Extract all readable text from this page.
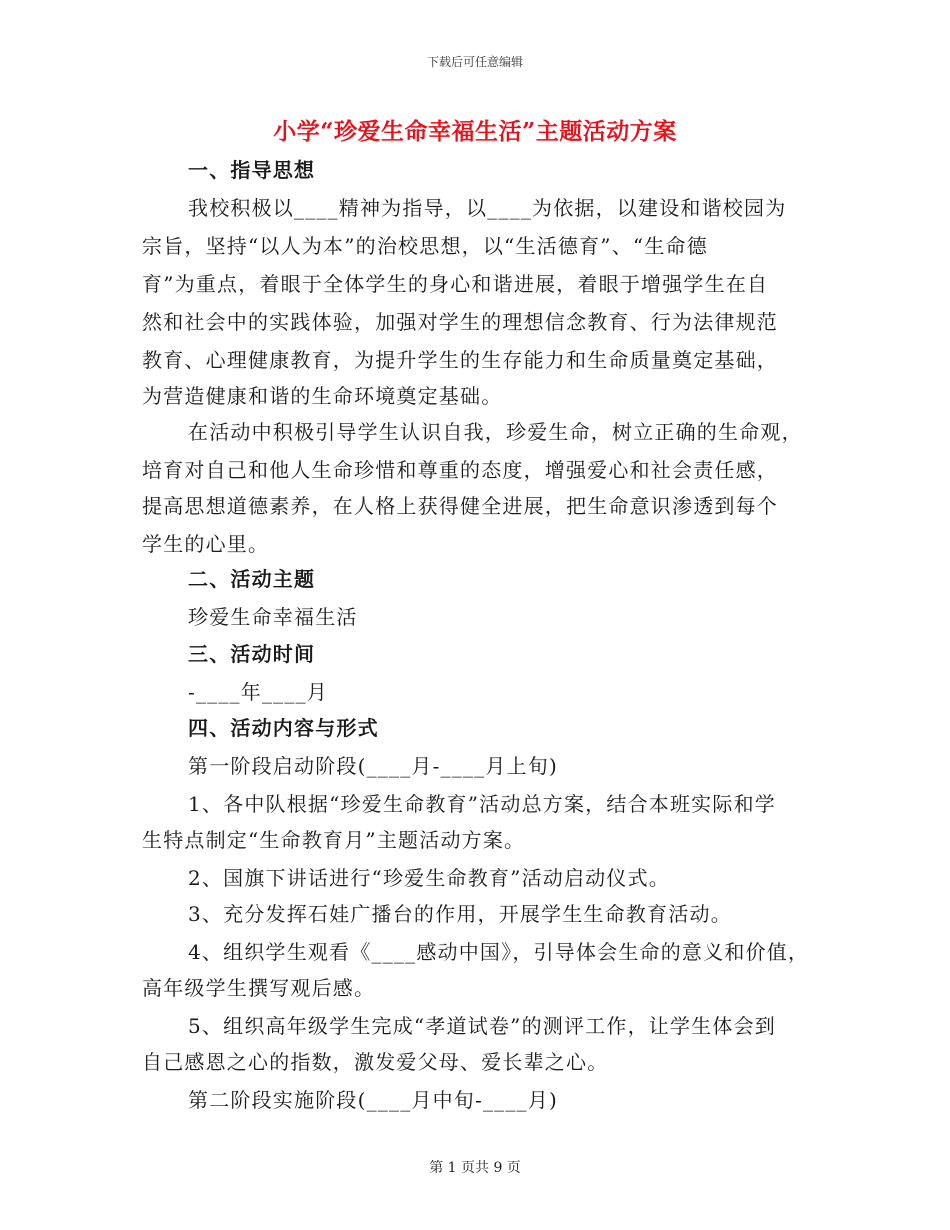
下载后可任意编辑
小学“珍爱生命幸福生活”主题活动方案
一、指导思想
我校积极以____精神为指导，以____为依据，以建设和谐校园为
宗旨，坚持“以人为本”的治校思想，以“生活德育”、“生命德
育”为重点，着眼于全体学生的身心和谐进展，着眼于增强学生在自
然和社会中的实践体验，加强对学生的理想信念教育、行为法律规范
教育、心理健康教育，为提升学生的生存能力和生命质量奠定基础，
为营造健康和谐的生命环境奠定基础。
在活动中积极引导学生认识自我，珍爱生命，树立正确的生命观，
培育对自己和他人生命珍惜和尊重的态度，增强爱心和社会责任感，
提高思想道德素养，在人格上获得健全进展，把生命意识渗透到每个
学生的心里。
二、活动主题
珍爱生命幸福生活
三、活动时间
-____年____月
四、活动内容与形式
第一阶段启动阶段(____月-____月上旬)
1、各中队根据“珍爱生命教育”活动总方案，结合本班实际和学
生特点制定“生命教育月”主题活动方案。
2、国旗下讲话进行“珍爱生命教育”活动启动仪式。
3、充分发挥石娃广播台的作用，开展学生生命教育活动。
4、组织学生观看《____感动中国》，引导体会生命的意义和价值，
高年级学生撰写观后感。
5、组织高年级学生完成“孝道试卷”的测评工作，让学生体会到
自己感恩之心的指数，激发爱父母、爱长辈之心。
第二阶段实施阶段(____月中旬-____月)
第 1 页共 9 页
